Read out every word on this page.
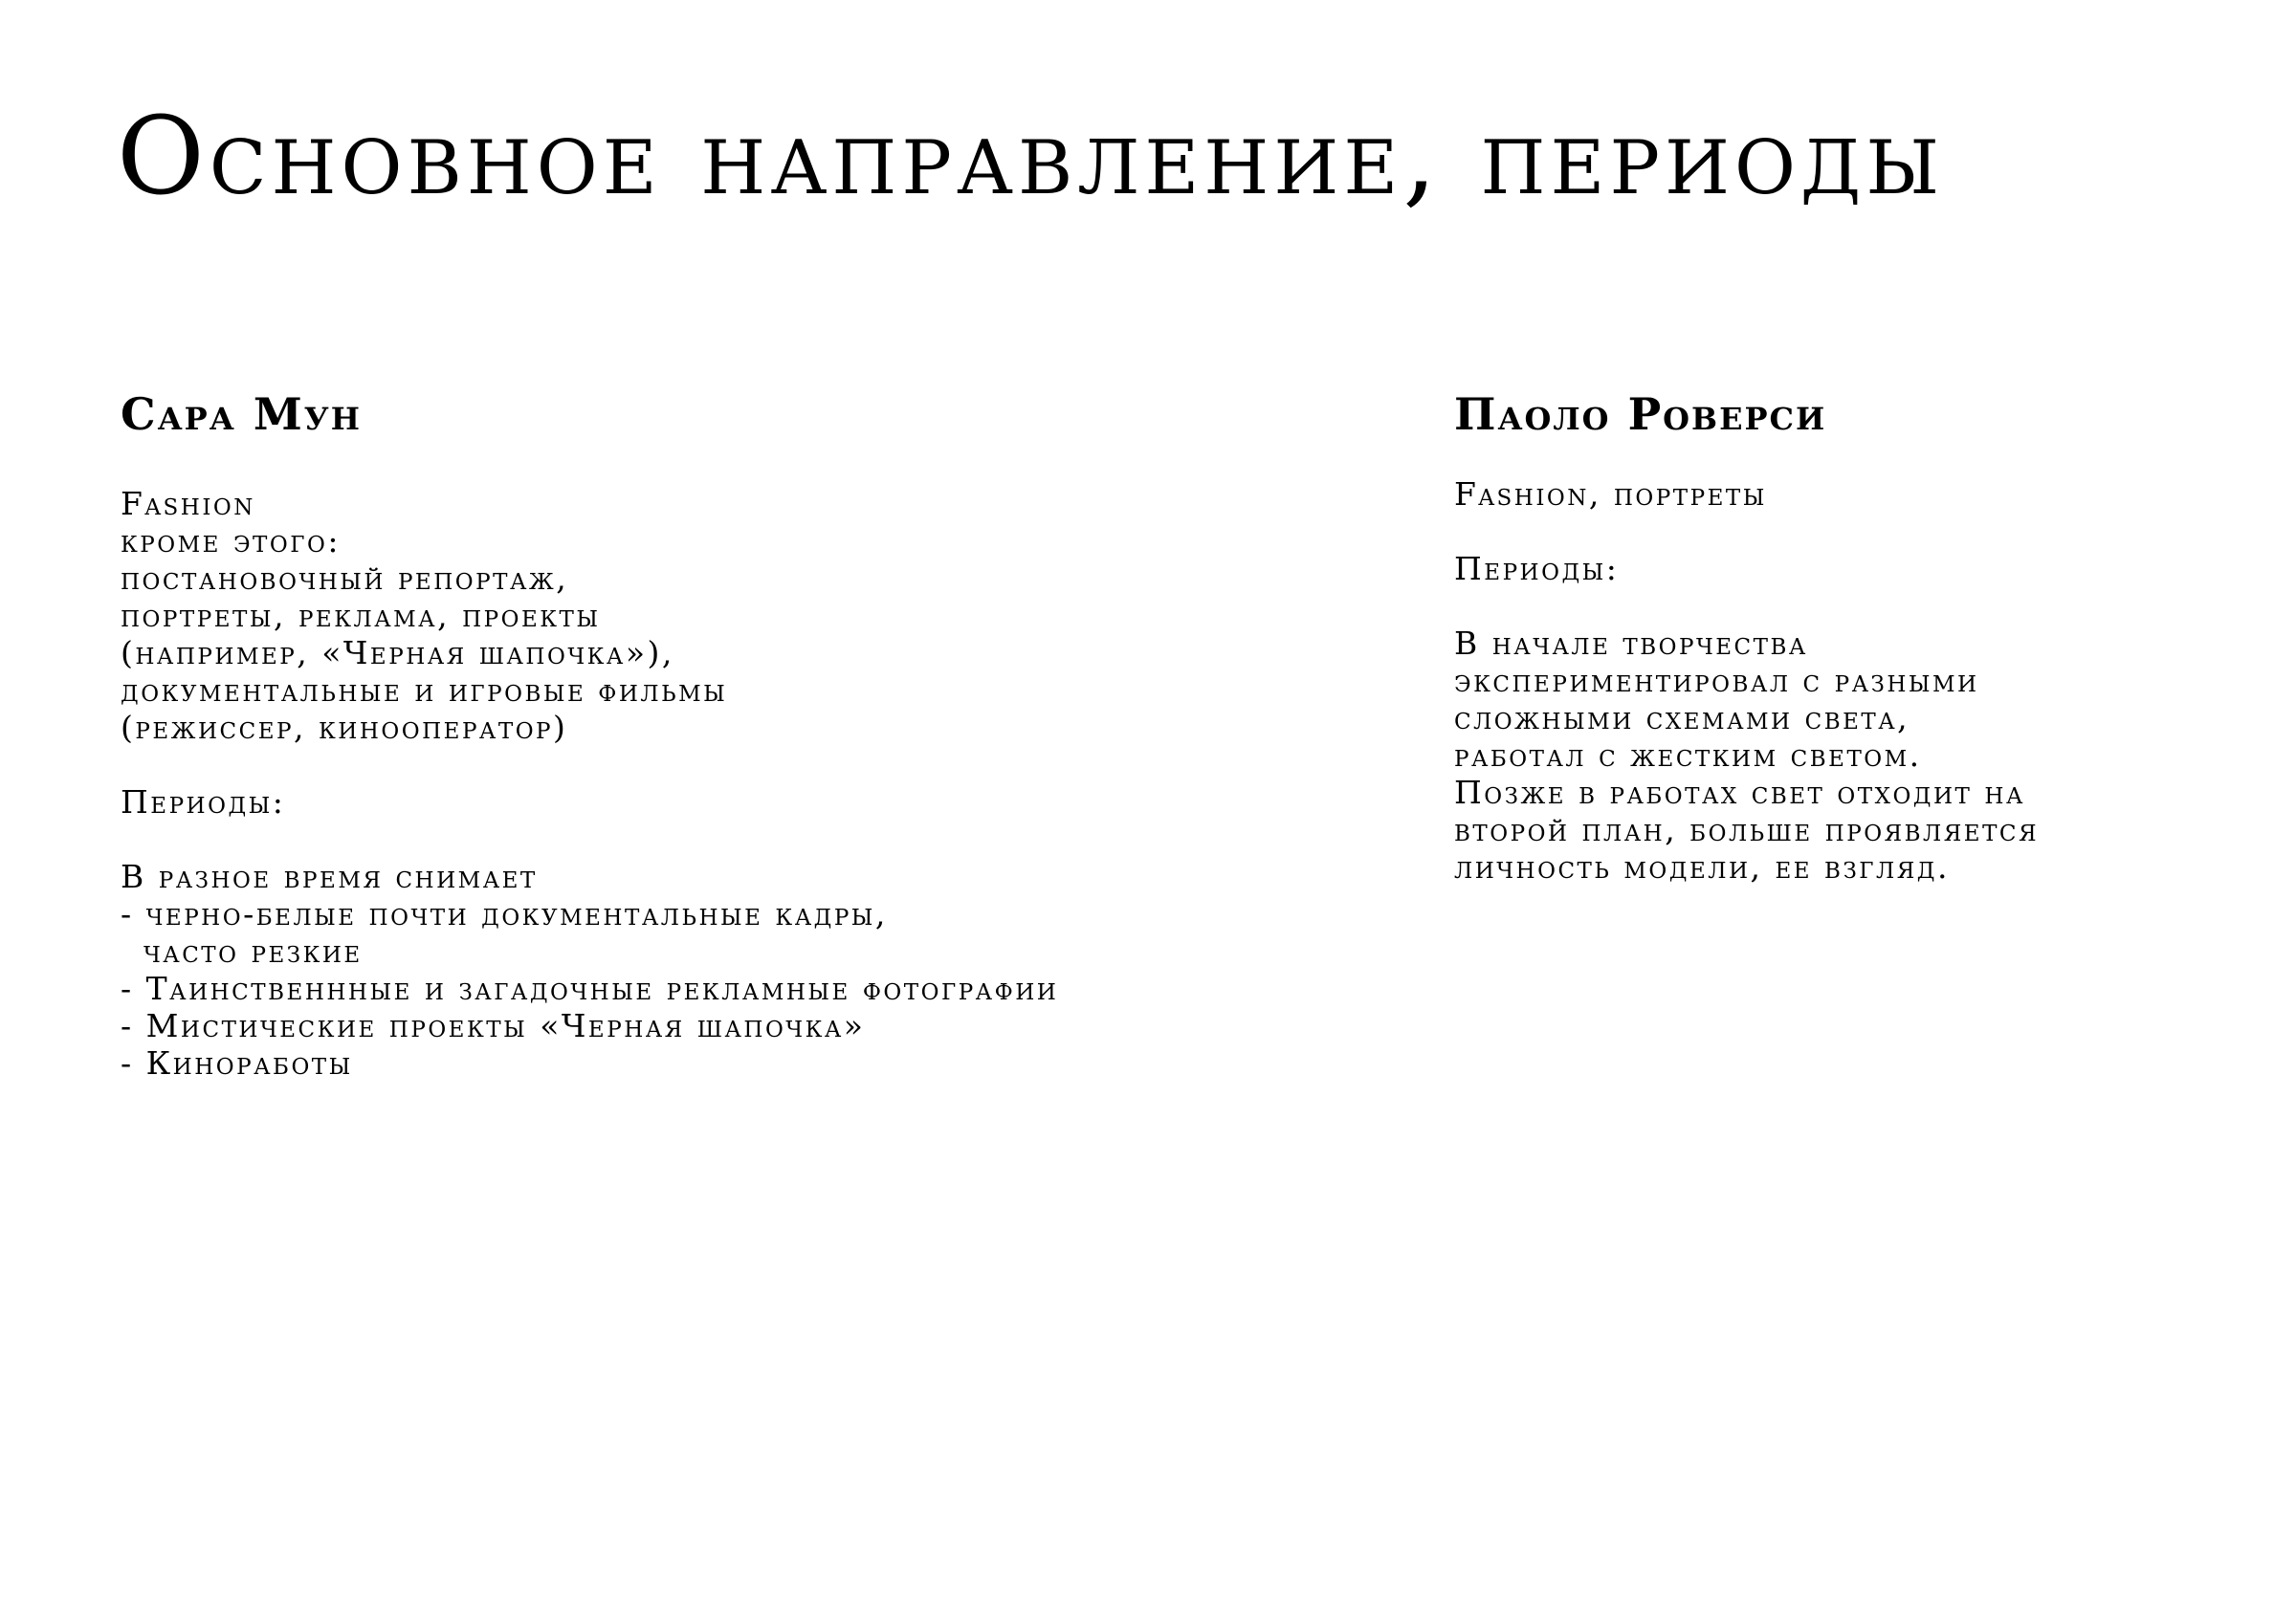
Основное направление, периоды
Сара Мун

Fashion
кроме этого:
постановочный репортаж,
портреты, реклама, проекты
(например, «Черная шапочка»),
документальные и игровые фильмы
(режиссер, кинооператор)

Периоды:

В разное время снимает
- черно-белые почти документальные кадры,
часто резкие
- Таинственнные и загадочные рекламные фотографии
- Мистические проекты «Черная шапочка»
- Киноработы

Паоло Роверси

Fashion, портреты

Периоды:

В начале творчества
экспериментировал с разными
сложными схемами света,
работал с жестким светом.
Позже в работах свет отходит на
второй план, больше проявляется
личность модели, ее взгляд.
